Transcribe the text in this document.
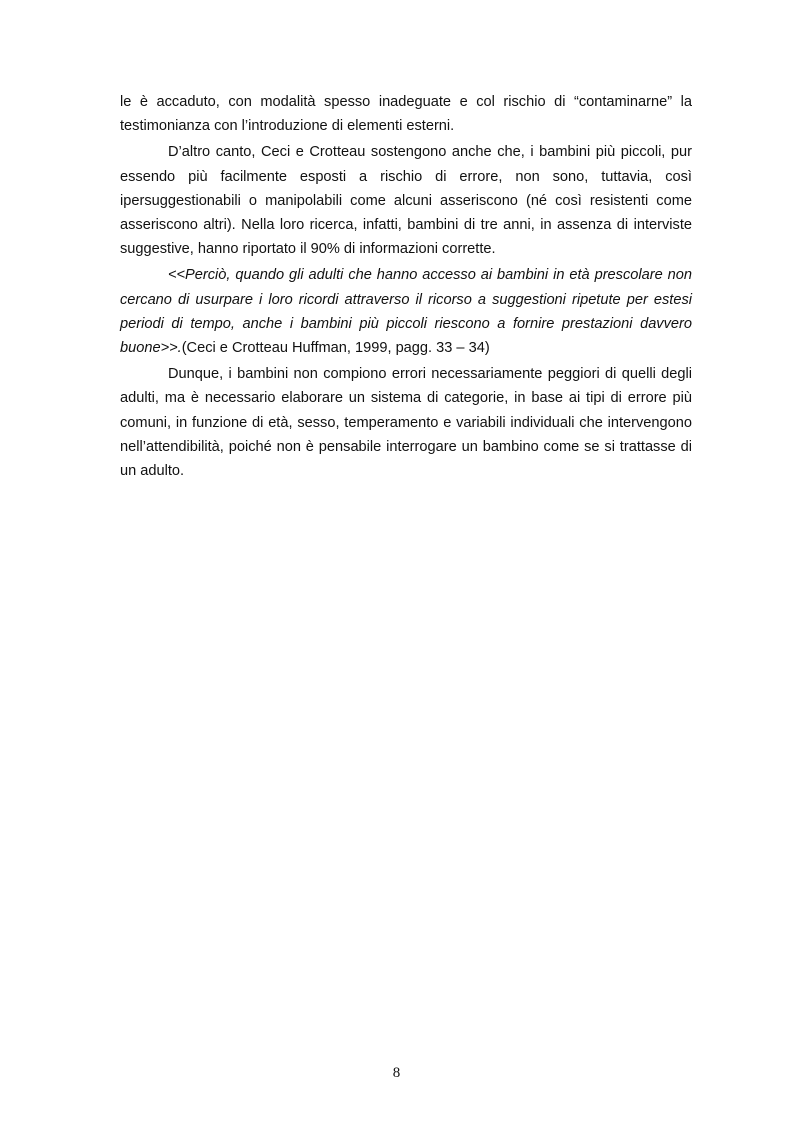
le è accaduto, con modalità spesso inadeguate e col rischio di “contaminarne” la testimonianza con l’introduzione di elementi esterni.

D’altro canto, Ceci e Crotteau sostengono anche che, i bambini più piccoli, pur essendo più facilmente esposti a rischio di errore, non sono, tuttavia, così ipersuggestionabili o manipolabili come alcuni asseriscono (né così resistenti come asseriscono altri). Nella loro ricerca, infatti, bambini di tre anni, in assenza di interviste suggestive, hanno riportato il 90% di informazioni corrette.

<<Perciò, quando gli adulti che hanno accesso ai bambini in età prescolare non cercano di usurpare i loro ricordi attraverso il ricorso a suggestioni ripetute per estesi periodi di tempo, anche i bambini più piccoli riescono a fornire prestazioni davvero buone>>.(Ceci e Crotteau Huffman, 1999, pagg. 33 – 34)

Dunque, i bambini non compiono errori necessariamente peggiori di quelli degli adulti, ma è necessario elaborare un sistema di categorie, in base ai tipi di errore più comuni, in funzione di età, sesso, temperamento e variabili individuali che intervengono nell’attendibilità, poiché non è pensabile interrogare un bambino come se si trattasse di un adulto.

8
